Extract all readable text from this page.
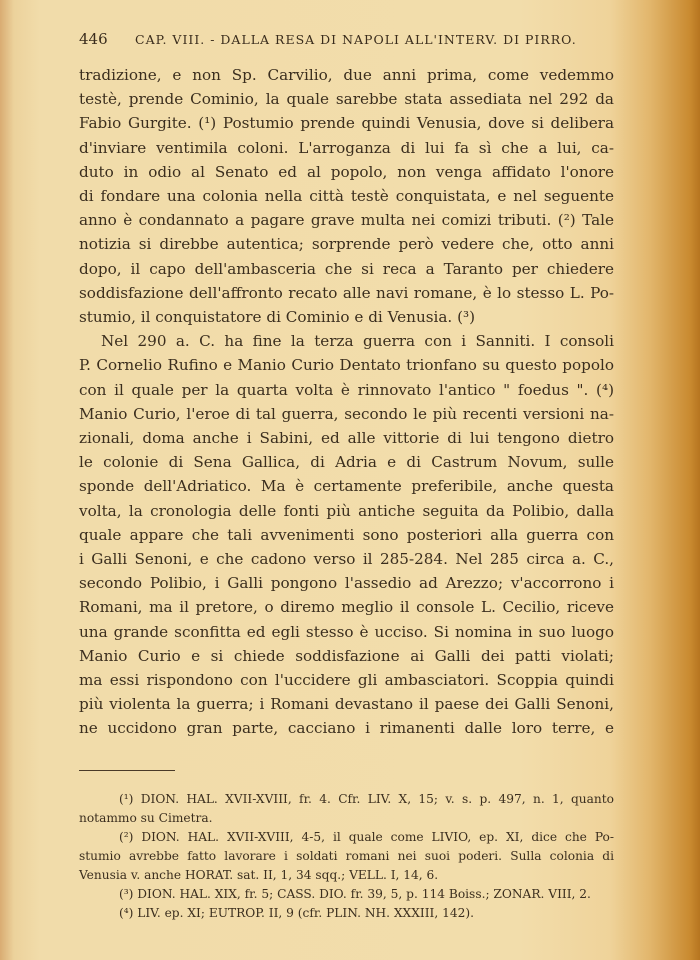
446 CAP. VIII. - DALLA RESA DI NAPOLI ALL'INTERV. DI PIRRO.
tradizione, e non Sp. Carvilio, due anni prima, come vedemmo
testè, prende Cominio, la quale sarebbe stata assediata nel 292 da
Fabio Gurgite. (¹) Postumio prende quindi Venusia, dove si delibera
d'inviare ventimila coloni. L'arroganza di lui fa sì che a lui, ca-
duto in odio al Senato ed al popolo, non venga affidato l'onore
di fondare una colonia nella città testè conquistata, e nel seguente
anno è condannato a pagare grave multa nei comizi tributi. (²) Tale
notizia si direbbe autentica; sorprende però vedere che, otto anni
dopo, il capo dell'ambasceria che si reca a Taranto per chiedere
soddisfazione dell'affronto recato alle navi romane, è lo stesso L. Po-
stumio, il conquistatore di Cominio e di Venusia. (³)
Nel 290 a. C. ha fine la terza guerra con i Sanniti. I consoli
P. Cornelio Rufino e Manio Curio Dentato trionfano su questo popolo
con il quale per la quarta volta è rinnovato l'antico " foedus ". (⁴)
Manio Curio, l'eroe di tal guerra, secondo le più recenti versioni na-
zionali, doma anche i Sabini, ed alle vittorie di lui tengono dietro
le colonie di Sena Gallica, di Adria e di Castrum Novum, sulle
sponde dell'Adriatico. Ma è certamente preferibile, anche questa
volta, la cronologia delle fonti più antiche seguita da Polibio, dalla
quale appare che tali avvenimenti sono posteriori alla guerra con
i Galli Senoni, e che cadono verso il 285-284. Nel 285 circa a. C.,
secondo Polibio, i Galli pongono l'assedio ad Arezzo; v'accorrono i
Romani, ma il pretore, o diremo meglio il console L. Cecilio, riceve
una grande sconfitta ed egli stesso è ucciso. Si nomina in suo luogo
Manio Curio e si chiede soddisfazione ai Galli dei patti violati;
ma essi rispondono con l'uccidere gli ambasciatori. Scoppia quindi
più violenta la guerra; i Romani devastano il paese dei Galli Senoni,
ne uccidono gran parte, cacciano i rimanenti dalle loro terre, e
(¹) DION. HAL. XVII-XVIII, fr. 4. Cfr. LIV. X, 15; v. s. p. 497, n. 1, quanto
notammo su Cimetra.
(²) DION. HAL. XVII-XVIII, 4-5, il quale come LIVIO, ep. XI, dice che Po-
stumio avrebbe fatto lavorare i soldati romani nei suoi poderi. Sulla colonia di
Venusia v. anche HORAT. sat. II, 1, 34 sqq.; VELL. I, 14, 6.
(³) DION. HAL. XIX, fr. 5; CASS. DIO. fr. 39, 5, p. 114 Boiss.; ZONAR. VIII, 2.
(⁴) LIV. ep. XI; EUTROP. II, 9 (cfr. PLIN. NH. XXXIII, 142).
